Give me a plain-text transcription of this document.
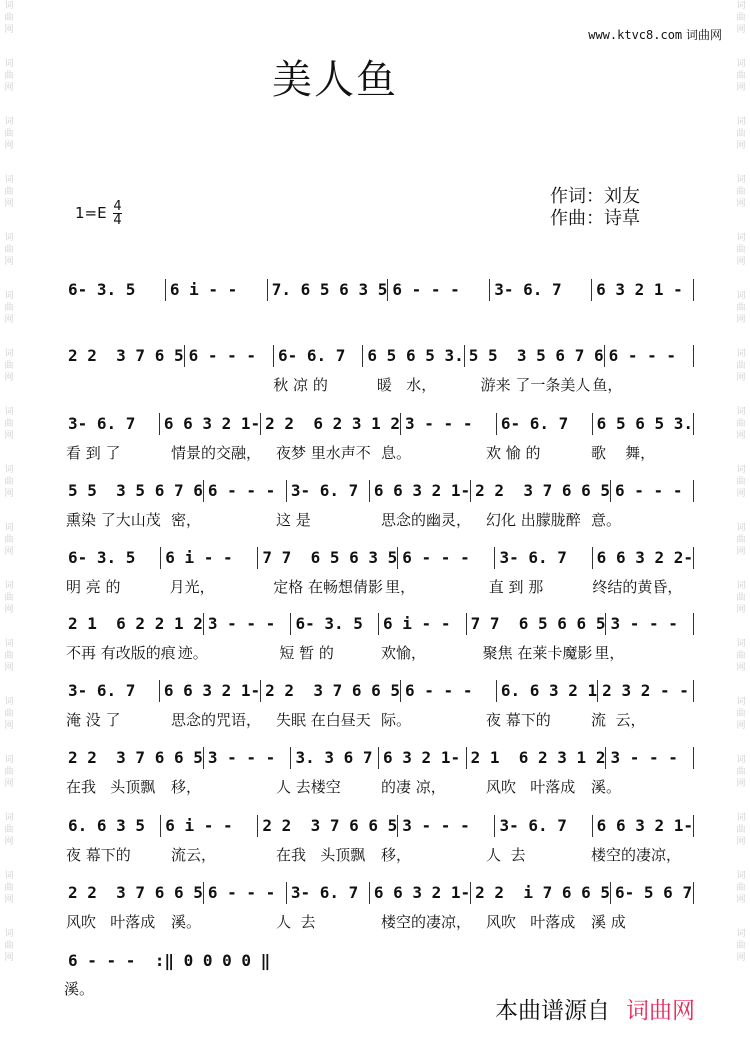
词曲网
词曲网
词曲网
词曲网
词曲网
词曲网
词曲网
词曲网
词曲网
词曲网
词曲网
词曲网
词曲网
词曲网
词曲网
词曲网
词曲网
词曲网
词曲网
词曲网
词曲网
词曲网
词曲网
词曲网
词曲网
词曲网
词曲网
词曲网
词曲网
词曲网
词曲网
词曲网
词曲网
词曲网
www.ktvc8.com 词曲网
美人鱼
$1=E \frac{4}{4}$
作词：刘友
作曲：诗草
6- 3. 5	6 i - -	7. 6 5 6 3 5 6 - - -	3- 6. 7	6 3 2 1 -
2 2  3 7 6 5 6 - - -	6- 6. 7	6 5 6 5 3. 5 5  3 5 6 7 6 6 - - -
秋 凉 的	暖   水，	游来 了一条美人 鱼，
3- 6. 7	6 6 3 2 1- 2 2  6 2 3 1 2 3 - - -	6- 6. 7	6 5 6 5 3.
看 到 了	情景的交融， 夜梦 里水声不 息。	欢 愉 的	歌    舞，
5 5  3 5 6 7 6 6 - - - 3- 6. 7 6 6 3 2 1- 2 2  3 7 6 6 5 6 - - -
熏染 了大山茂 密，	这 是	思念的幽灵， 幻化 出朦胧醉 意。
6- 3. 5	6 i - -	7 7  6 5 6 3 5 6 - - -	3- 6. 7	6 6 3 2 2-
明 亮 的	月光，	定格 在畅想倩影 里，	直 到 那	终结的黄昏，
2 1  6 2 2 1 2 3 - - -	6- 3. 5	6 i - -	7 7  6 5 6 6 5 3 - - -
不再 有改版的痕 迹。	短 暂 的	欢愉，	聚焦 在莱卡魔影 里，
3- 6. 7	6 6 3 2 1- 2 2  3 7 6 6 5 6 - - -	6. 6 3 2 1 2 3 2 - -
淹 没 了	思念的咒语， 失眠 在白昼天 际。	夜 幕下的	流  云，
2 2  3 7 6 6 5 3 - - -	3. 3 6 7 6 3 2 1- 2 1  6 2 3 1 2 3 - - -
在我   头顶飘	移，	人 去楼空	的凄 凉，	风吹   叶落成	溪。
6. 6 3 5	6 i - -	2 2  3 7 6 6 5 3 - - -	3- 6. 7	6 6 3 2 1-
夜 幕下的	流云，	在我   头顶飘	移，	人  去	楼空的凄凉，
2 2  3 7 6 6 5 6 - - - 3- 6. 7 6 6 3 2 1- 2 2  i 7 6 6 5 6- 5 6 7
风吹   叶落成	溪。	人  去	楼空的凄凉， 风吹   叶落成	溪 成
6 - - -  :‖ 0 0 0 0 ‖
溪。
本曲谱源自 词曲网
